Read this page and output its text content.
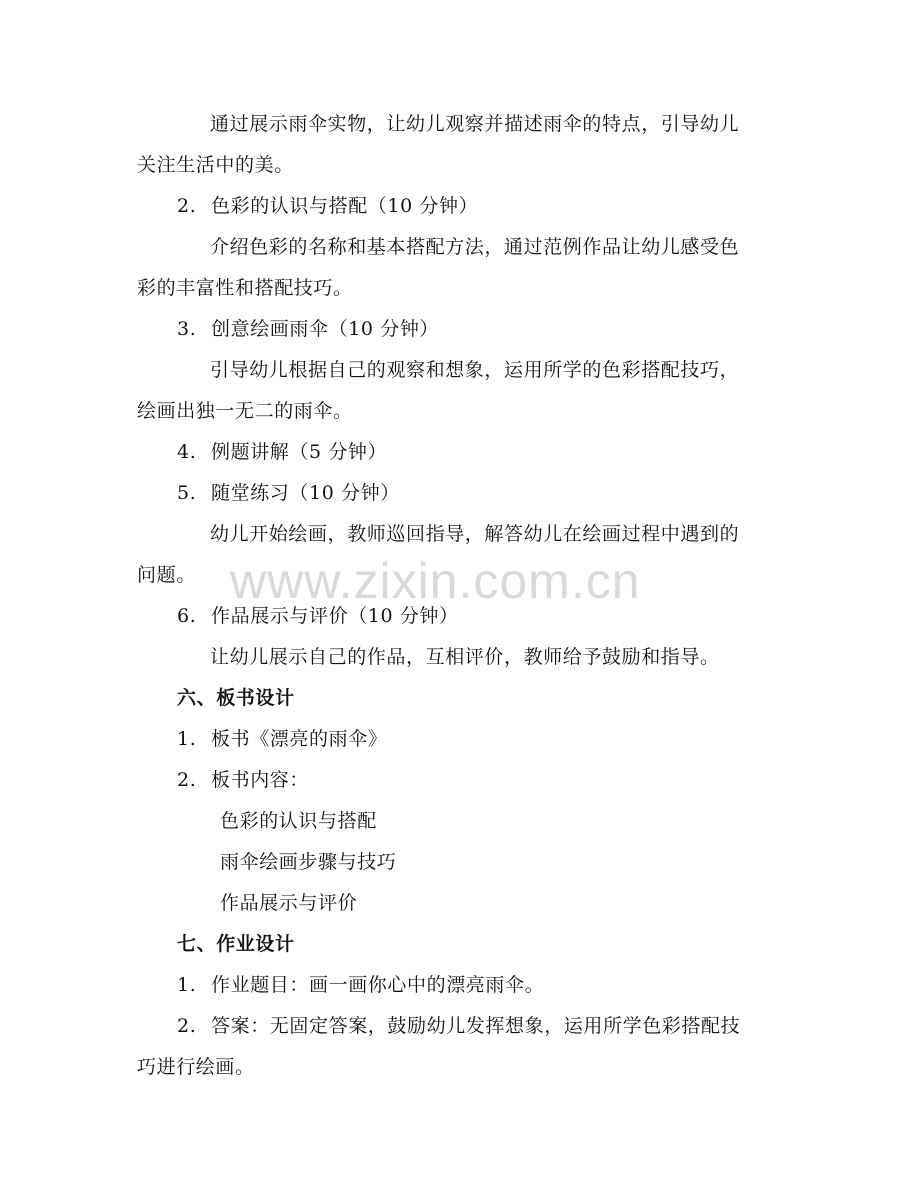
通过展示雨伞实物，让幼儿观察并描述雨伞的特点，引导幼儿
关注生活中的美。
2. 色彩的认识与搭配（10 分钟）
介绍色彩的名称和基本搭配方法，通过范例作品让幼儿感受色
彩的丰富性和搭配技巧。
3. 创意绘画雨伞（10 分钟）
引导幼儿根据自己的观察和想象，运用所学的色彩搭配技巧，
绘画出独一无二的雨伞。
4. 例题讲解（5 分钟）
5. 随堂练习（10 分钟）
幼儿开始绘画，教师巡回指导，解答幼儿在绘画过程中遇到的
问题。
6. 作品展示与评价（10 分钟）
让幼儿展示自己的作品，互相评价，教师给予鼓励和指导。
六、板书设计
1. 板书《漂亮的雨伞》
2. 板书内容：
色彩的认识与搭配
雨伞绘画步骤与技巧
作品展示与评价
七、作业设计
1. 作业题目：画一画你心中的漂亮雨伞。
2. 答案：无固定答案，鼓励幼儿发挥想象，运用所学色彩搭配技
巧进行绘画。
www.zixin.com.cn
